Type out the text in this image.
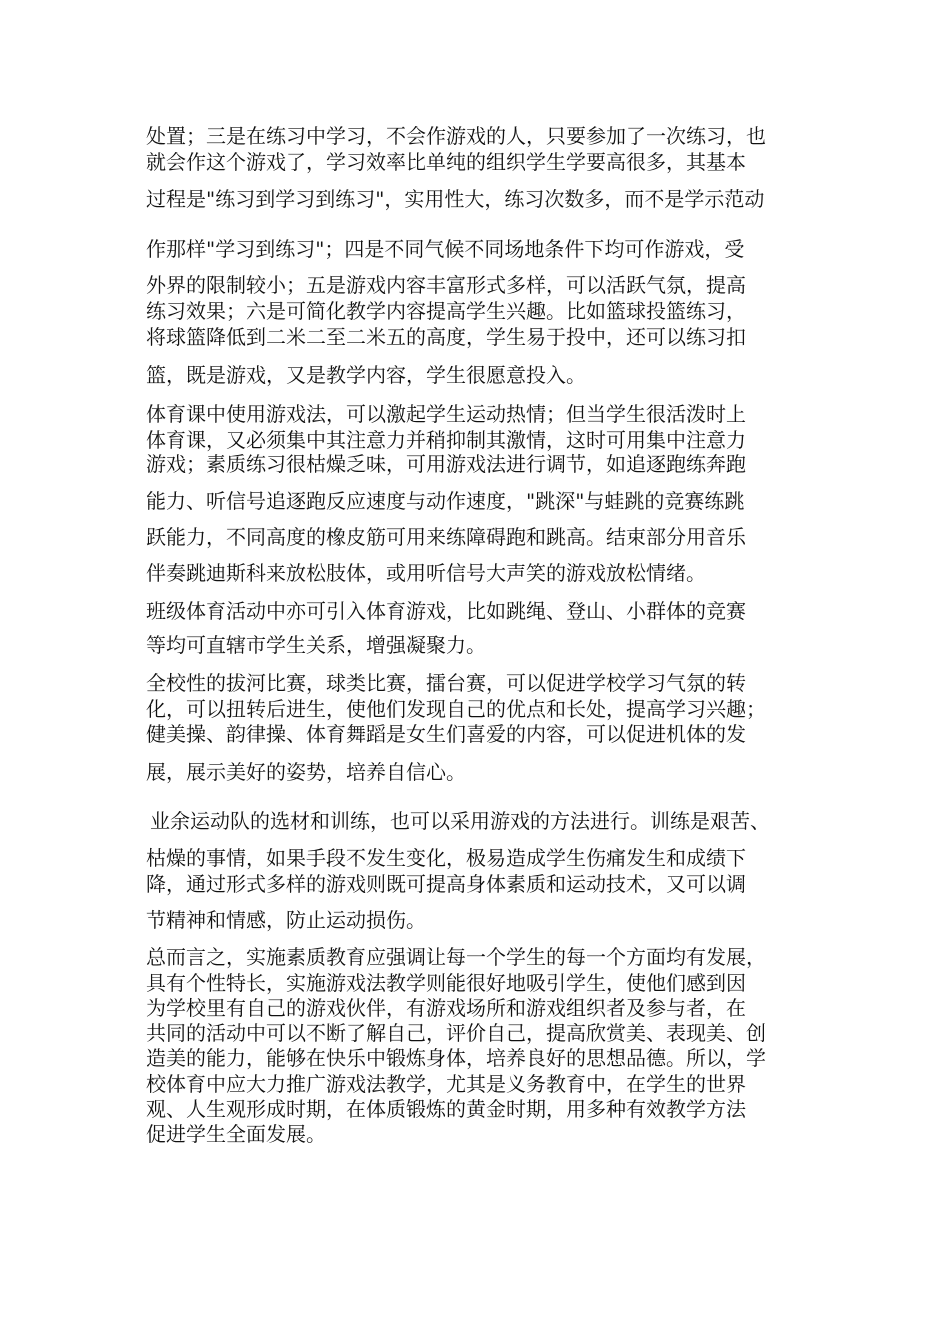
处置；三是在练习中学习，不会作游戏的人，只要参加了一次练习，也
就会作这个游戏了，学习效率比单纯的组织学生学要高很多，其基本
过程是"练习到学习到练习"，实用性大，练习次数多，而不是学示范动
作那样"学习到练习"；四是不同气候不同场地条件下均可作游戏，受
外界的限制较小；五是游戏内容丰富形式多样，可以活跃气氛，提高
练习效果；六是可简化教学内容提高学生兴趣。比如篮球投篮练习，
将球篮降低到二米二至二米五的高度，学生易于投中，还可以练习扣
篮，既是游戏，又是教学内容，学生很愿意投入。
体育课中使用游戏法，可以激起学生运动热情；但当学生很活泼时上
体育课，又必须集中其注意力并稍抑制其激情，这时可用集中注意力
游戏；素质练习很枯燥乏味，可用游戏法进行调节，如追逐跑练奔跑
能力、听信号追逐跑反应速度与动作速度，"跳深"与蛙跳的竞赛练跳
跃能力，不同高度的橡皮筋可用来练障碍跑和跳高。结束部分用音乐
伴奏跳迪斯科来放松肢体，或用听信号大声笑的游戏放松情绪。
班级体育活动中亦可引入体育游戏，比如跳绳、登山、小群体的竞赛
等均可直辖市学生关系，增强凝聚力。
全校性的拔河比赛，球类比赛，擂台赛，可以促进学校学习气氛的转
化，可以扭转后进生，使他们发现自己的优点和长处，提高学习兴趣；
健美操、韵律操、体育舞蹈是女生们喜爱的内容，可以促进机体的发
展，展示美好的姿势，培养自信心。
业余运动队的选材和训练，也可以采用游戏的方法进行。训练是艰苦、
枯燥的事情，如果手段不发生变化，极易造成学生伤痛发生和成绩下
降，通过形式多样的游戏则既可提高身体素质和运动技术，又可以调
节精神和情感，防止运动损伤。
总而言之，实施素质教育应强调让每一个学生的每一个方面均有发展，
具有个性特长，实施游戏法教学则能很好地吸引学生，使他们感到因
为学校里有自己的游戏伙伴，有游戏场所和游戏组织者及参与者，在
共同的活动中可以不断了解自己，评价自己，提高欣赏美、表现美、创
造美的能力，能够在快乐中锻炼身体，培养良好的思想品德。所以，学
校体育中应大力推广游戏法教学，尤其是义务教育中，在学生的世界
观、人生观形成时期，在体质锻炼的黄金时期，用多种有效教学方法
促进学生全面发展。
